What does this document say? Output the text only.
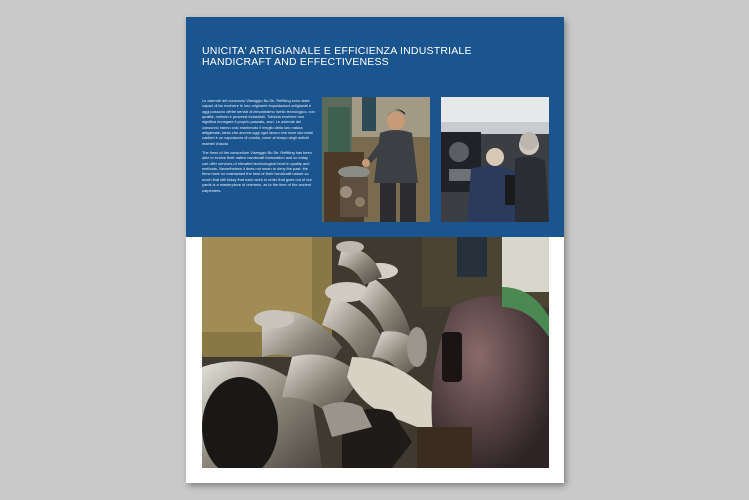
UNICITA' ARTIGIANALE E EFFICIENZA INDUSTRIALE
HANDICRAFT AND EFFECTIVENESS

Le aziende del consorzio Viareggio Bo.Se. Refitting sono state capaci di far evolvere le loro originarie impostazioni artigianali e oggi possono offrire servizi di elevatissimo livello tecnologico, con qualità, metodo e processi industriali. Tuttavia evolvere non significa rinnegare il proprio passato, anzi. Le aziende del consorzio hanno così mantenuto il meglio della loro natura artigianale, tanto che ancora oggi ogni lavoro che esce dai nostri cantieri è un capolavoro di unicità, come al tempo degli antichi maestri d'ascia

The firms of the consortium Viareggio Bo.Se. Refitting has been able to evolve their native handicraft formulation and so today can offer services of elevated technological level in quality and methods. Nevertheless it does not mean to deny the past: the firms have so maintained the best of their handicraft nature so much that still today that each work to order that goes out of our yards is a masterpiece of oneness, as to the time of the ancient carpenters.
